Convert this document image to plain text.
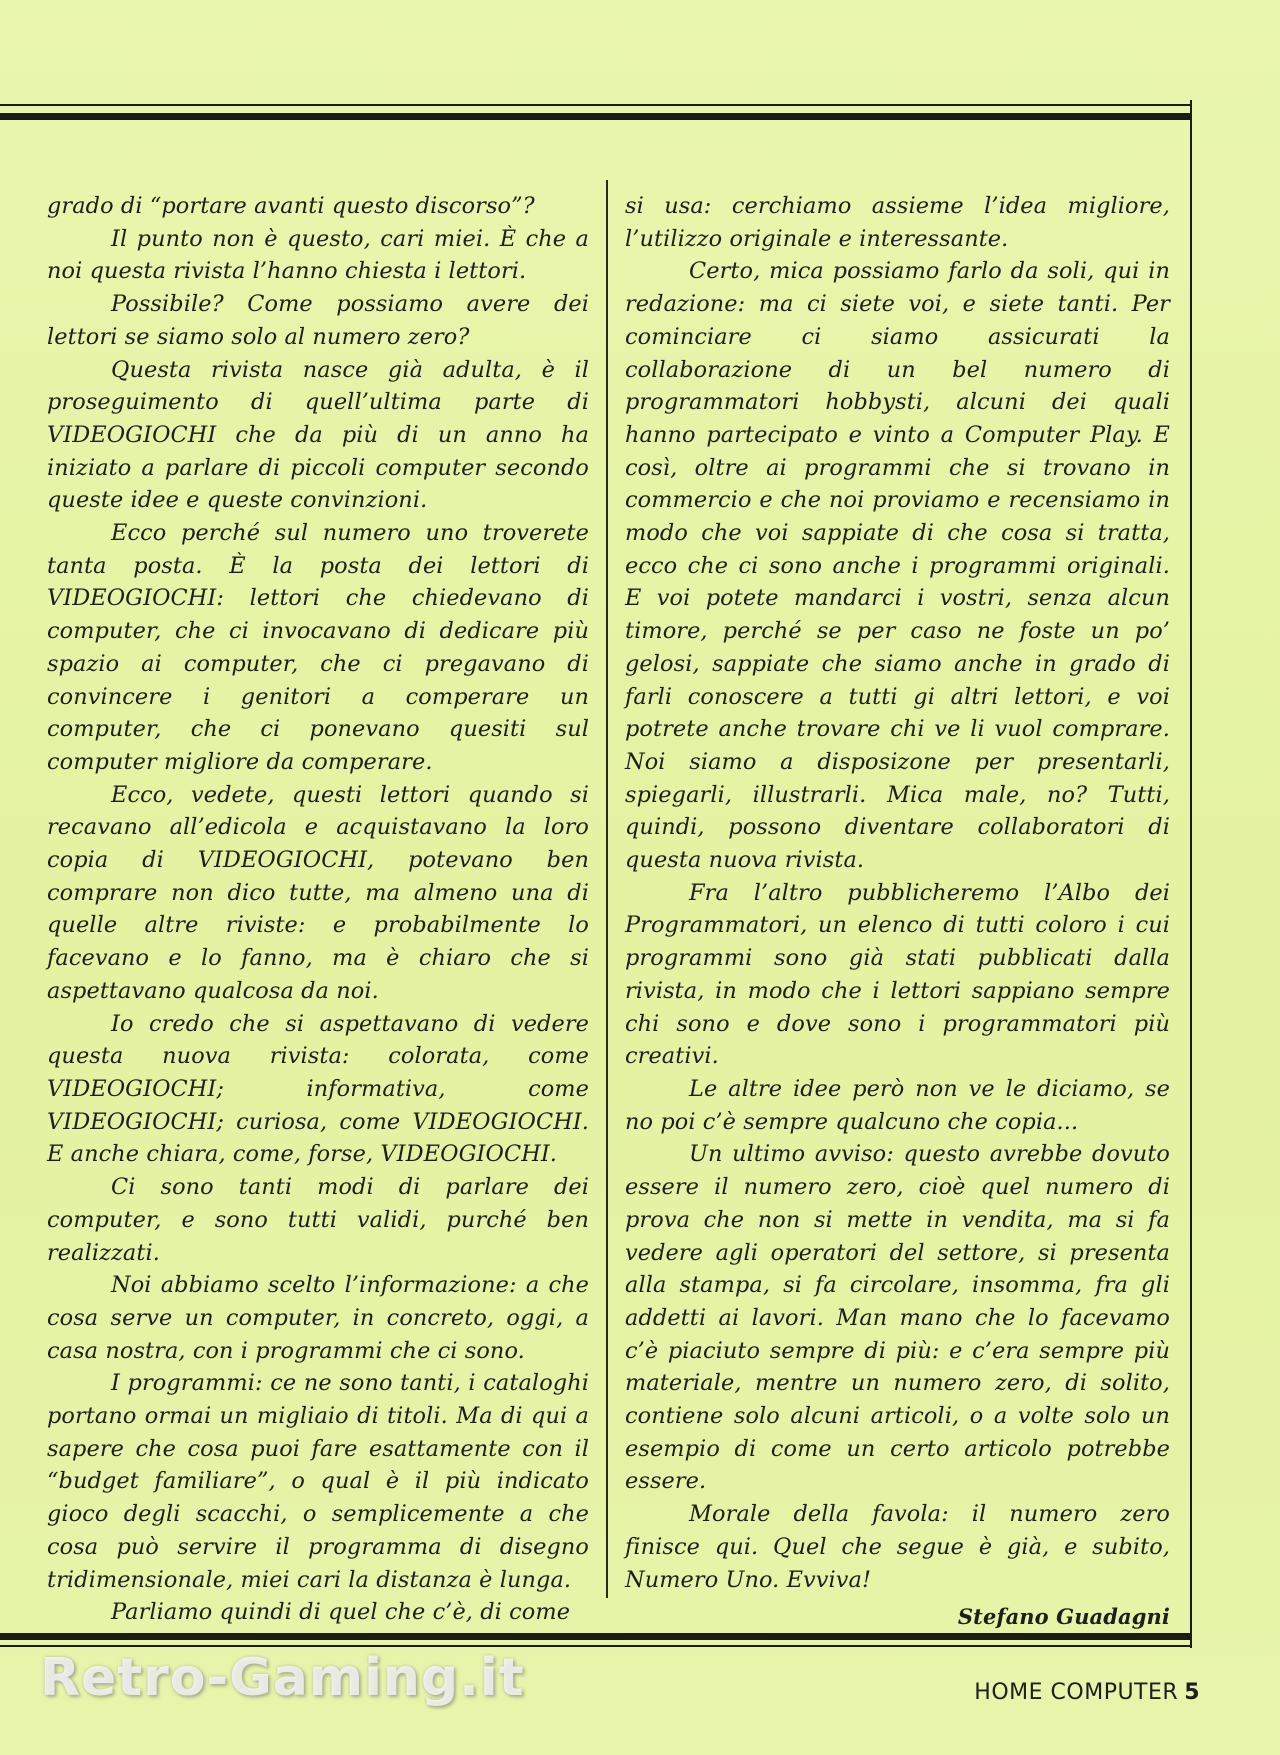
grado di “portare avanti questo discorso”?

Il punto non è questo, cari miei. È che a noi questa rivista l’hanno chiesta i lettori.

Possibile? Come possiamo avere dei lettori se siamo solo al numero zero?

Questa rivista nasce già adulta, è il proseguimento di quell’ultima parte di VIDEOGIOCHI che da più di un anno ha iniziato a parlare di piccoli computer secondo queste idee e queste convinzioni.

Ecco perché sul numero uno troverete tanta posta. È la posta dei lettori di VIDEOGIOCHI: lettori che chiedevano di computer, che ci invocavano di dedicare più spazio ai computer, che ci pregavano di convincere i genitori a comperare un computer, che ci ponevano quesiti sul computer migliore da comperare.

Ecco, vedete, questi lettori quando si recavano all’edicola e acquistavano la loro copia di VIDEOGIOCHI, potevano ben comprare non dico tutte, ma almeno una di quelle altre riviste: e probabilmente lo facevano e lo fanno, ma è chiaro che si aspettavano qualcosa da noi.

Io credo che si aspettavano di vedere questa nuova rivista: colorata, come VIDEOGIOCHI; informativa, come VIDEOGIOCHI; curiosa, come VIDEOGIOCHI. E anche chiara, come, forse, VIDEOGIOCHI.

Ci sono tanti modi di parlare dei computer, e sono tutti validi, purché ben realizzati.

Noi abbiamo scelto l’informazione: a che cosa serve un computer, in concreto, oggi, a casa nostra, con i programmi che ci sono.

I programmi: ce ne sono tanti, i cataloghi portano ormai un migliaio di titoli. Ma di qui a sapere che cosa puoi fare esattamente con il “budget familiare”, o qual è il più indicato gioco degli scacchi, o semplicemente a che cosa può servire il programma di disegno tridimensionale, miei cari la distanza è lunga.

Parliamo quindi di quel che c’è, di come

si usa: cerchiamo assieme l’idea migliore, l’utilizzo originale e interessante.

Certo, mica possiamo farlo da soli, qui in redazione: ma ci siete voi, e siete tanti. Per cominciare ci siamo assicurati la collaborazione di un bel numero di programmatori hobbysti, alcuni dei quali hanno partecipato e vinto a Computer Play. E così, oltre ai programmi che si trovano in commercio e che noi proviamo e recensiamo in modo che voi sappiate di che cosa si tratta, ecco che ci sono anche i programmi originali. E voi potete mandarci i vostri, senza alcun timore, perché se per caso ne foste un po’ gelosi, sappiate che siamo anche in grado di farli conoscere a tutti gi altri lettori, e voi potrete anche trovare chi ve li vuol comprare. Noi siamo a disposizone per presentarli, spiegarli, illustrarli. Mica male, no? Tutti, quindi, possono diventare collaboratori di questa nuova rivista.

Fra l’altro pubblicheremo l’Albo dei Programmatori, un elenco di tutti coloro i cui programmi sono già stati pubblicati dalla rivista, in modo che i lettori sappiano sempre chi sono e dove sono i programmatori più creativi.

Le altre idee però non ve le diciamo, se no poi c’è sempre qualcuno che copia...

Un ultimo avviso: questo avrebbe dovuto essere il numero zero, cioè quel numero di prova che non si mette in vendita, ma si fa vedere agli operatori del settore, si presenta alla stampa, si fa circolare, insomma, fra gli addetti ai lavori. Man mano che lo facevamo c’è piaciuto sempre di più: e c’era sempre più materiale, mentre un numero zero, di solito, contiene solo alcuni articoli, o a volte solo un esempio di come un certo articolo potrebbe essere.

Morale della favola: il numero zero finisce qui. Quel che segue è già, e subito, Numero Uno. Evviva!

Stefano Guadagni

Retro-Gaming.it	HOME COMPUTER 5
